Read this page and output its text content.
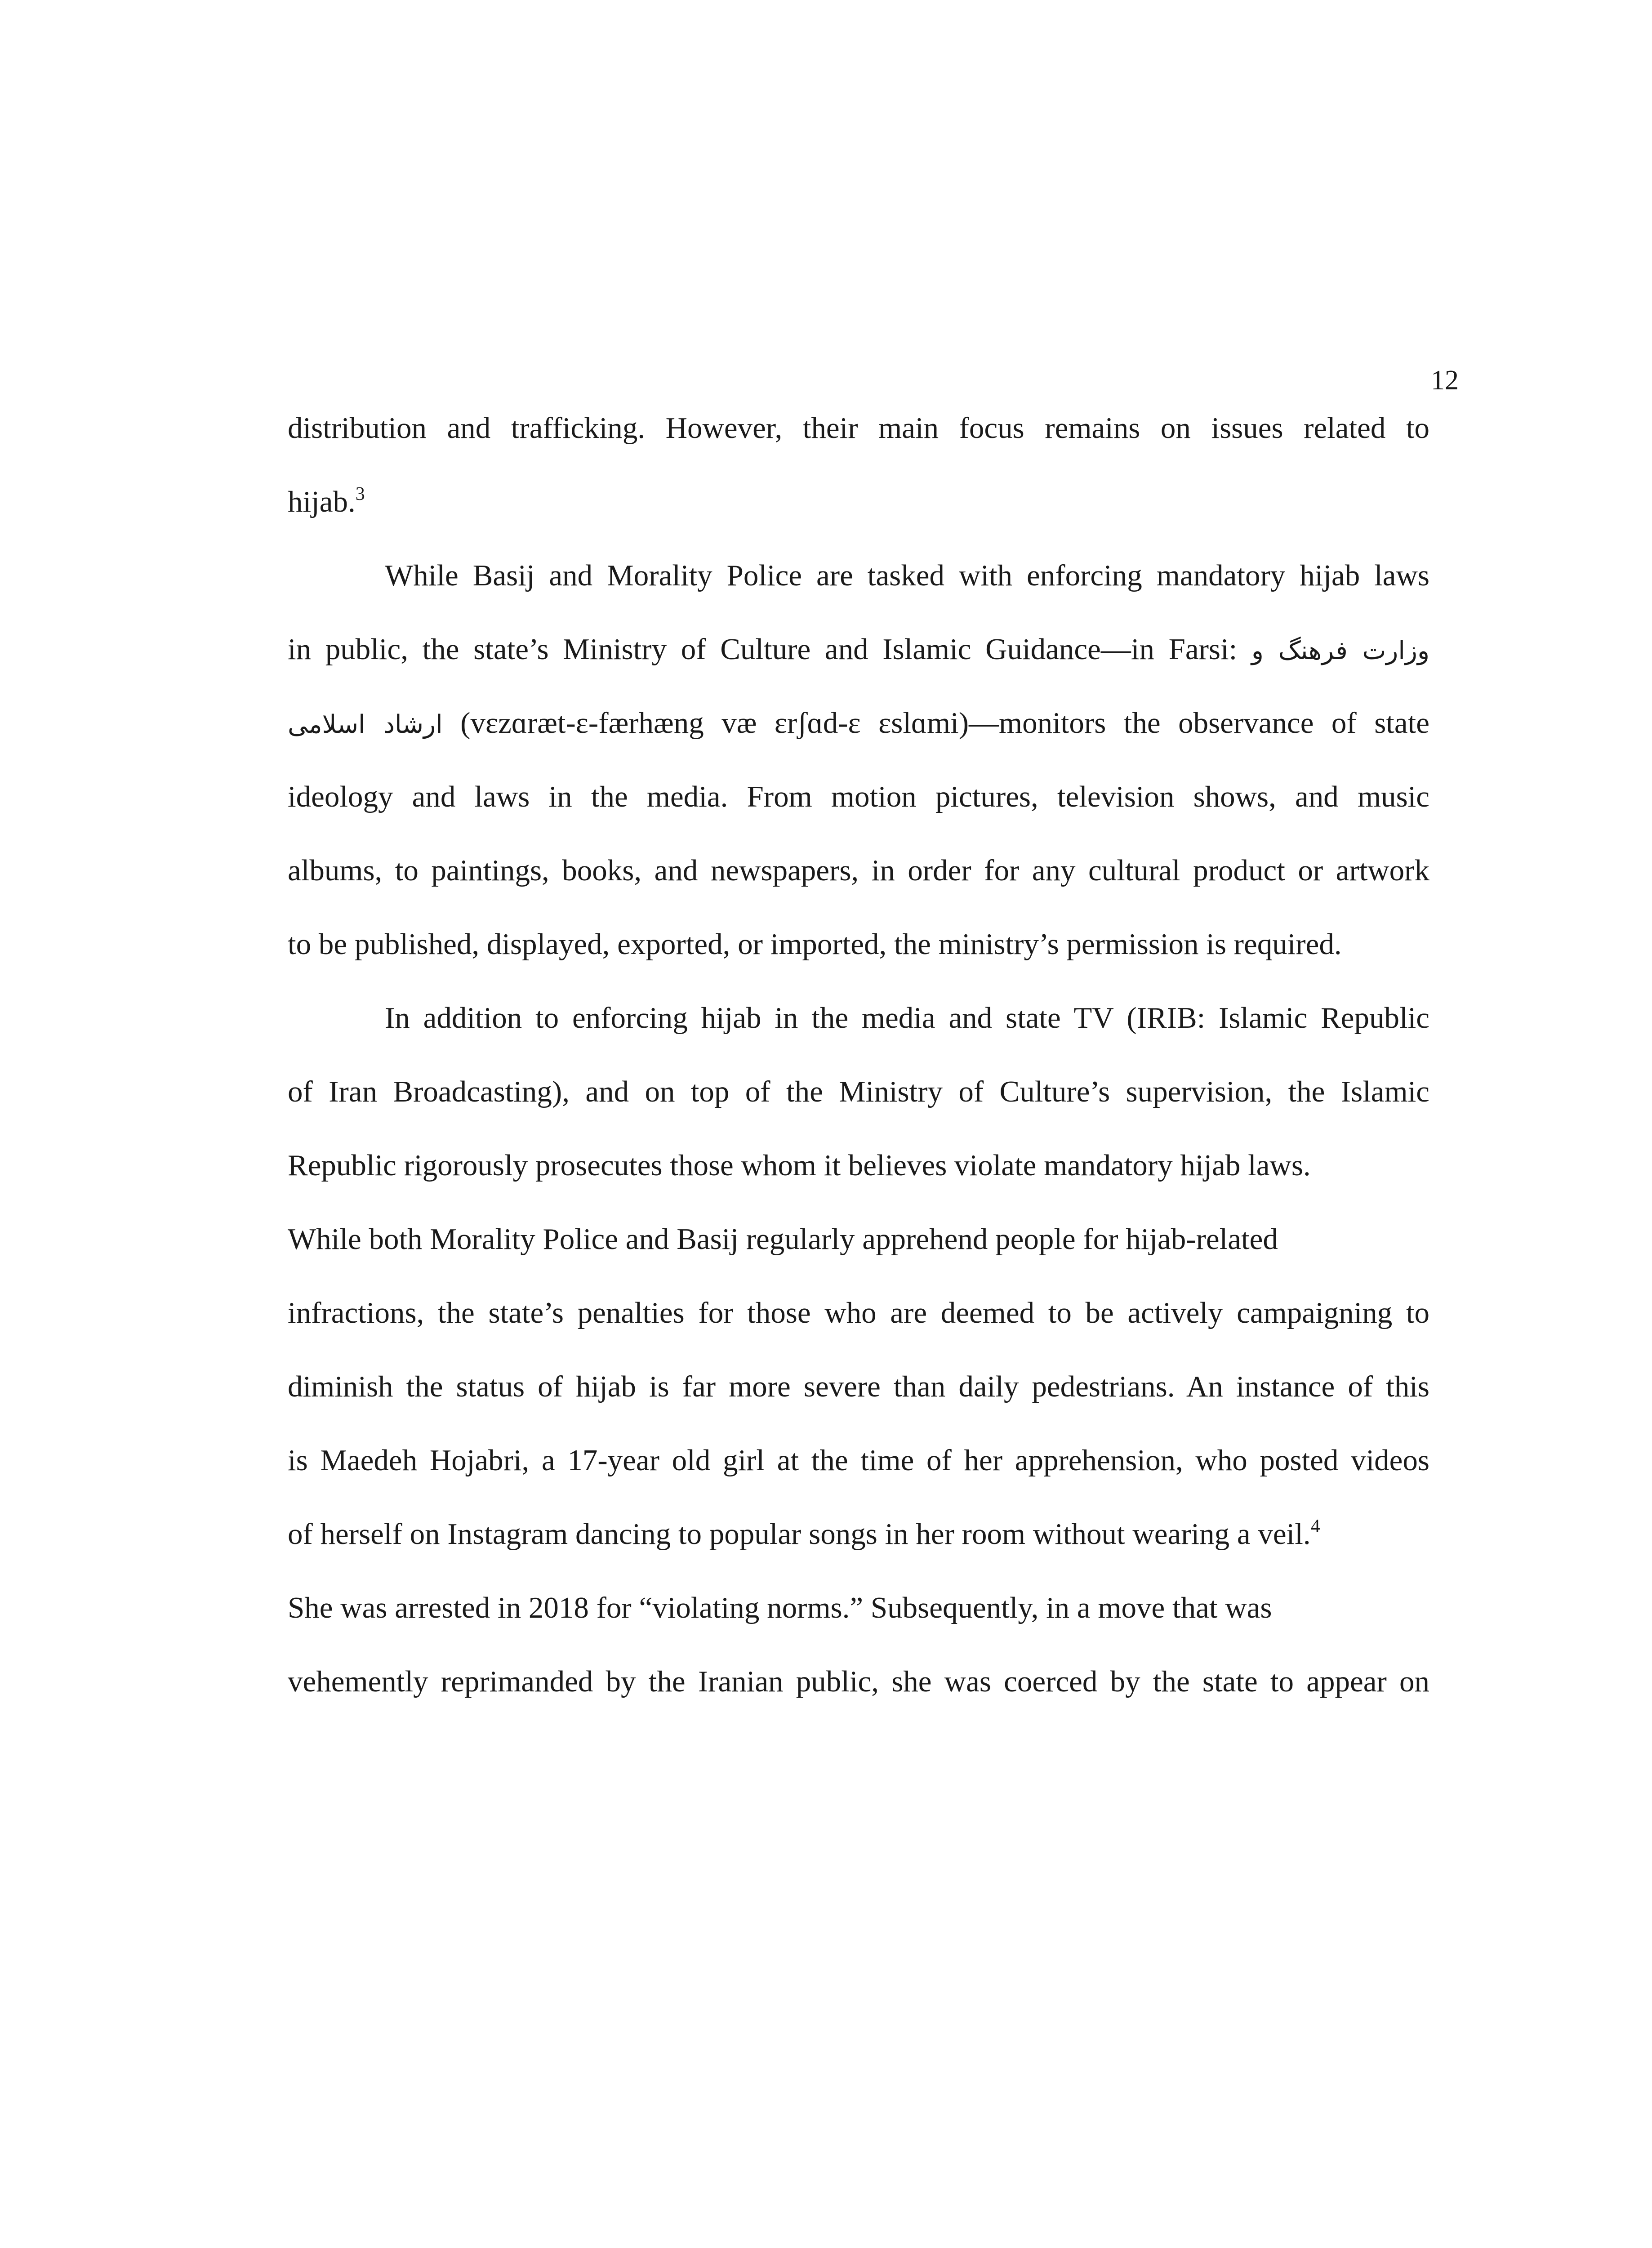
12
distribution and trafficking. However, their main focus remains on issues related to
hijab.$^3$
While Basij and Morality Police are tasked with enforcing mandatory hijab laws
in public, the state’s Ministry of Culture and Islamic Guidance—in Farsi: وزارت فرهنگ و
ارشاد اسلامی (vɛzɑræt-ɛ-færhæng væ ɛrʃɑd-ɛ ɛslɑmi)—monitors the observance of state
ideology and laws in the media. From motion pictures, television shows, and music
albums, to paintings, books, and newspapers, in order for any cultural product or artwork
to be published, displayed, exported, or imported, the ministry’s permission is required.
In addition to enforcing hijab in the media and state TV (IRIB: Islamic Republic
of Iran Broadcasting), and on top of the Ministry of Culture’s supervision, the Islamic
Republic rigorously prosecutes those whom it believes violate mandatory hijab laws.
While both Morality Police and Basij regularly apprehend people for hijab-related
infractions, the state’s penalties for those who are deemed to be actively campaigning to
diminish the status of hijab is far more severe than daily pedestrians. An instance of this
is Maedeh Hojabri, a 17-year old girl at the time of her apprehension, who posted videos
of herself on Instagram dancing to popular songs in her room without wearing a veil.$^4$
She was arrested in 2018 for “violating norms.” Subsequently, in a move that was
vehemently reprimanded by the Iranian public, she was coerced by the state to appear on
